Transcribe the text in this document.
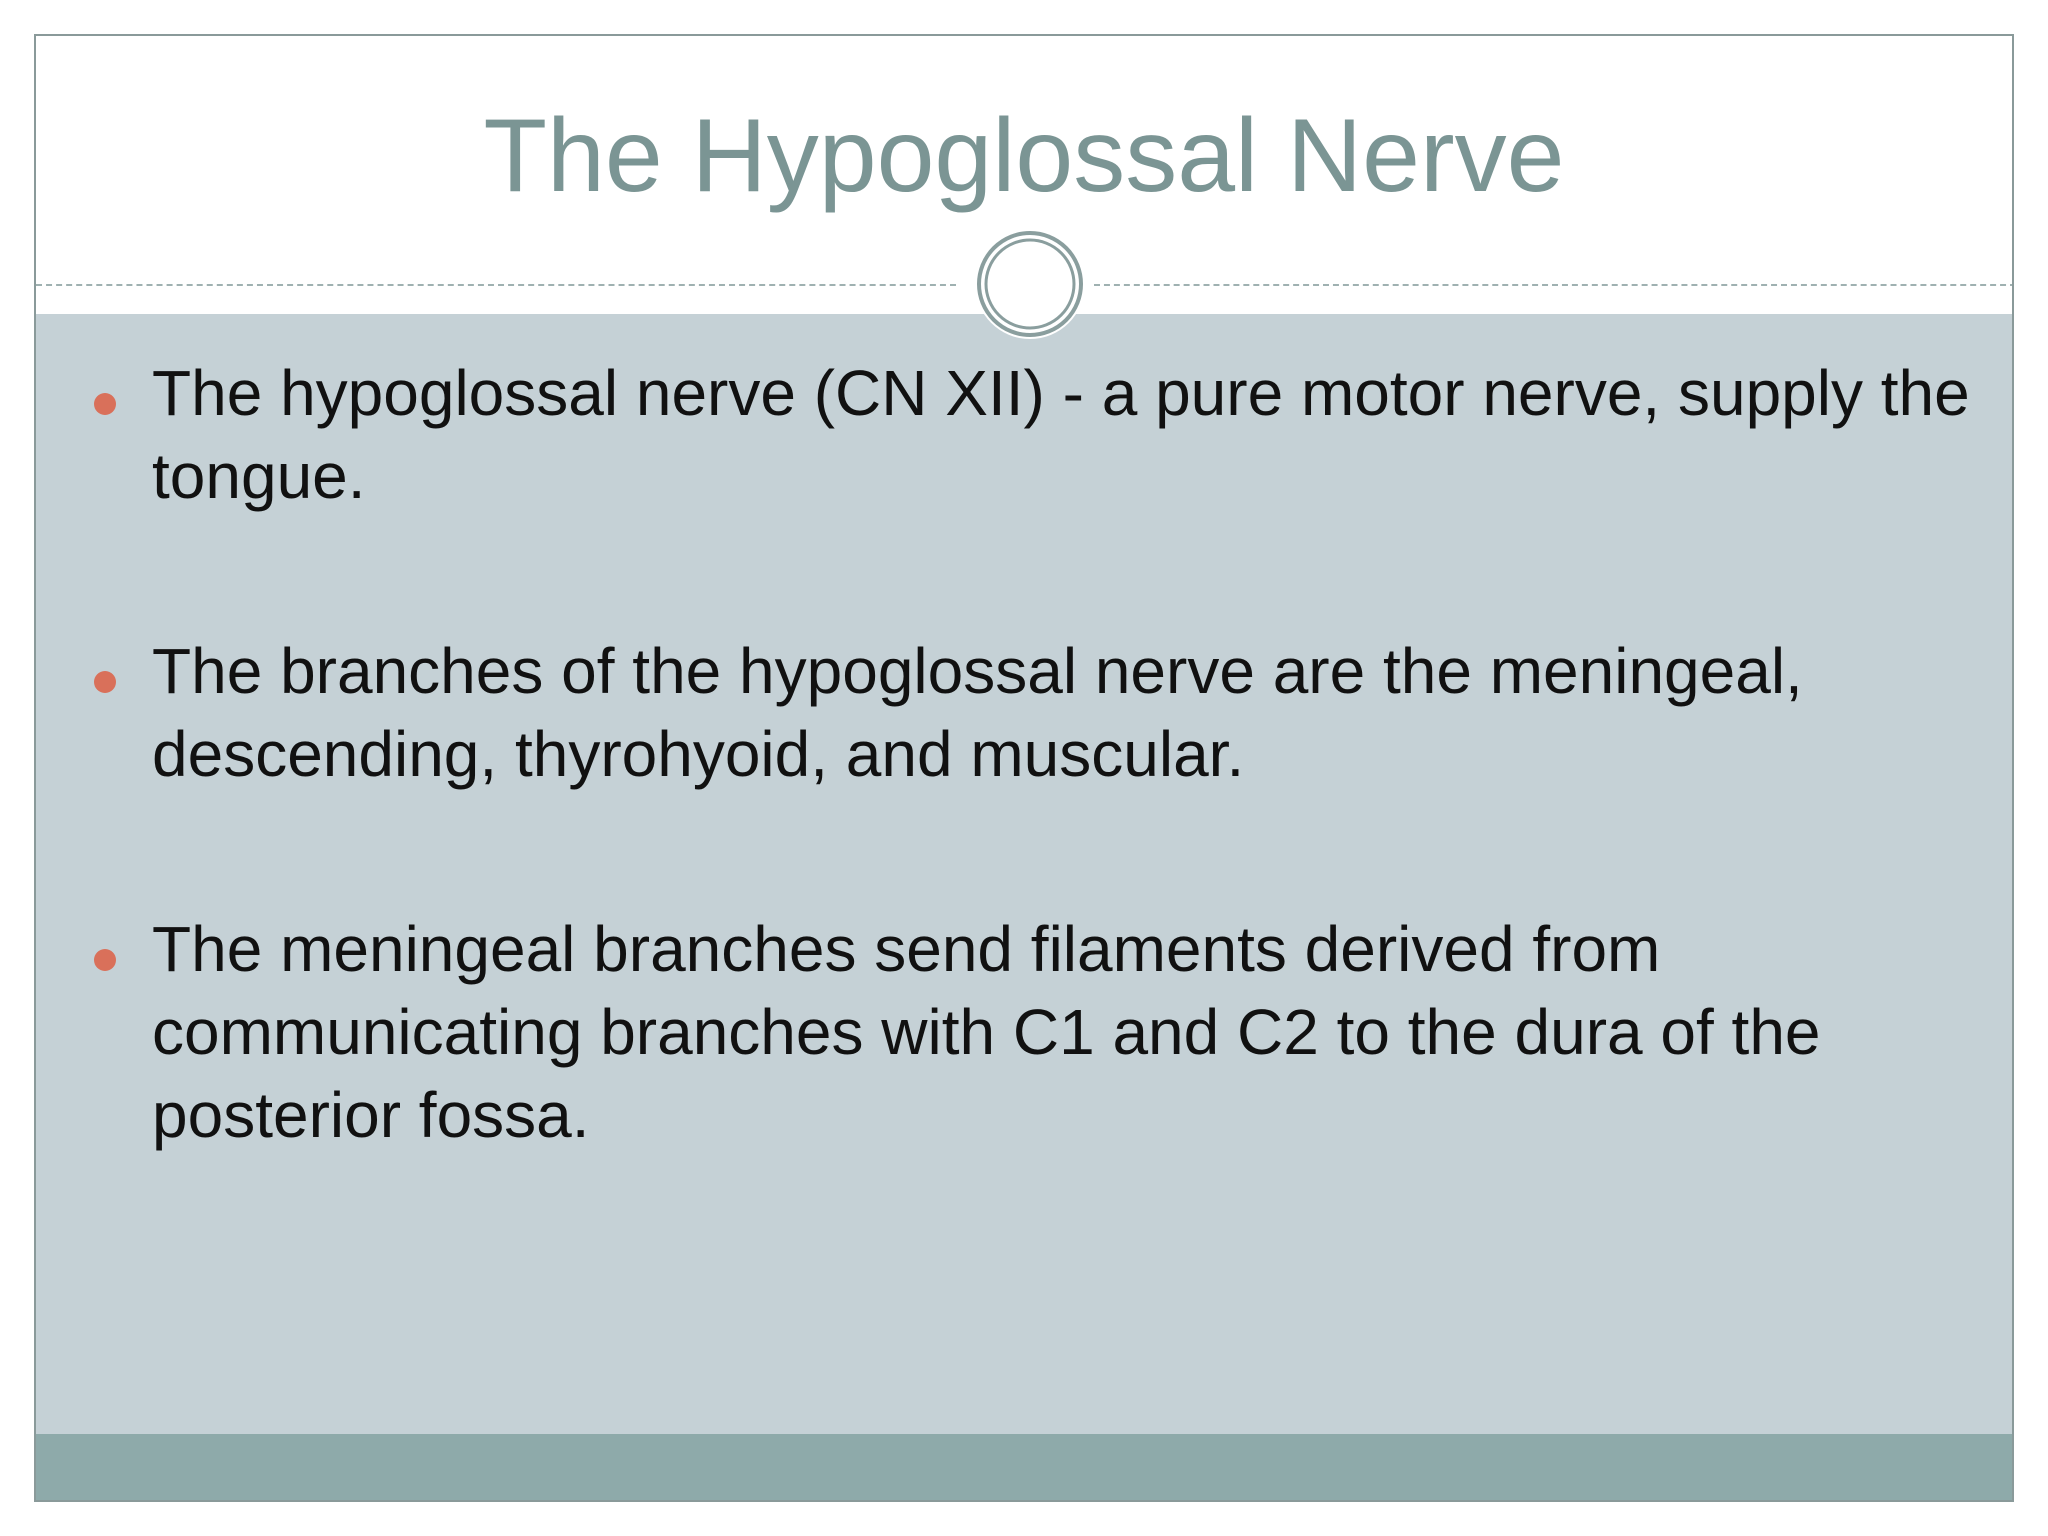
The Hypoglossal Nerve

The hypoglossal nerve (CN XII) - a pure motor nerve, supply the tongue.

The branches of the hypoglossal nerve are the meningeal, descending, thyrohyoid, and muscular.

The meningeal branches send filaments derived from communicating branches with C1 and C2 to the dura of the posterior fossa.
